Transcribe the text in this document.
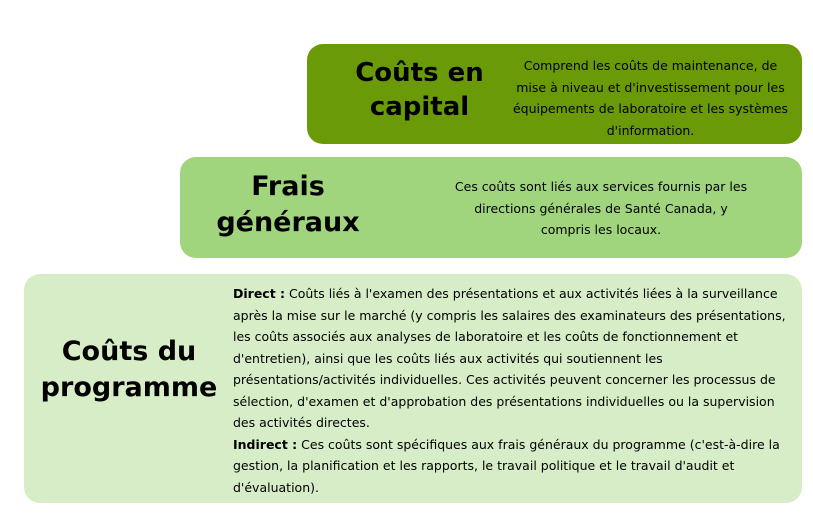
Coûts en
capital
Comprend les coûts de maintenance, de mise à niveau et d'investissement pour les équipements de laboratoire et les systèmes d'information.
Frais
généraux
Ces coûts sont liés aux services fournis par les directions générales de Santé Canada, y compris les locaux.
Coûts du
programme

Direct : Coûts liés à l'examen des présentations et aux activités liées à la surveillance après la mise sur le marché (y compris les salaires des examinateurs des présentations, les coûts associés aux analyses de laboratoire et les coûts de fonctionnement et d'entretien), ainsi que les coûts liés aux activités qui soutiennent les présentations/activités individuelles. Ces activités peuvent concerner les processus de sélection, d'examen et d'approbation des présentations individuelles ou la supervision des activités directes.

Indirect : Ces coûts sont spécifiques aux frais généraux du programme (c'est-à-dire la gestion, la planification et les rapports, le travail politique et le travail d'audit et d'évaluation).
